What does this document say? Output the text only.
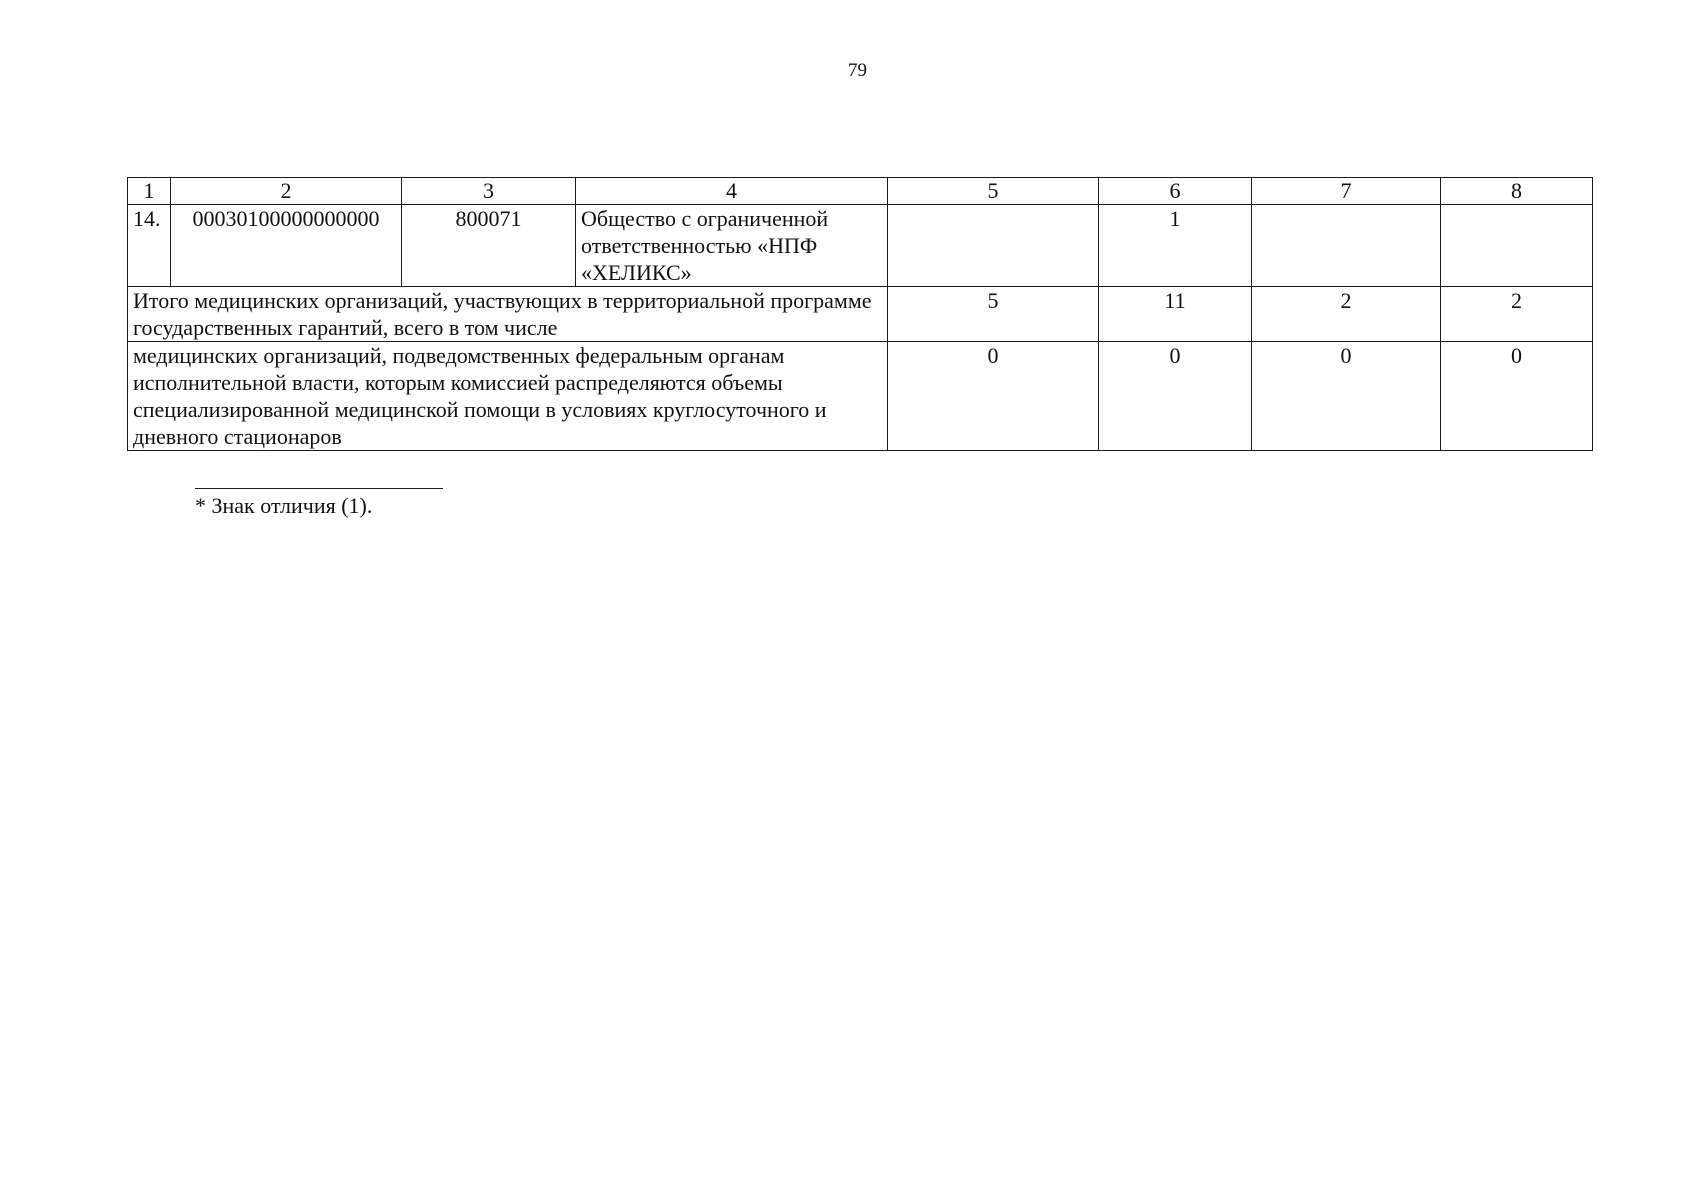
79
1	2	3	4	5	6	7	8
14.	00030100000000000	800071	Общество с ограниченной ответственностью «НПФ «ХЕЛИКС»		1		
Итого медицинских организаций, участвующих в территориальной программе государственных гарантий, всего в том числе				5	11	2	2
медицинских организаций, подведомственных федеральным органам исполнительной власти, которым комиссией распределяются объемы специализированной медицинской помощи в условиях круглосуточного и дневного стационаров				0	0	0	0
* Знак отличия (1).
